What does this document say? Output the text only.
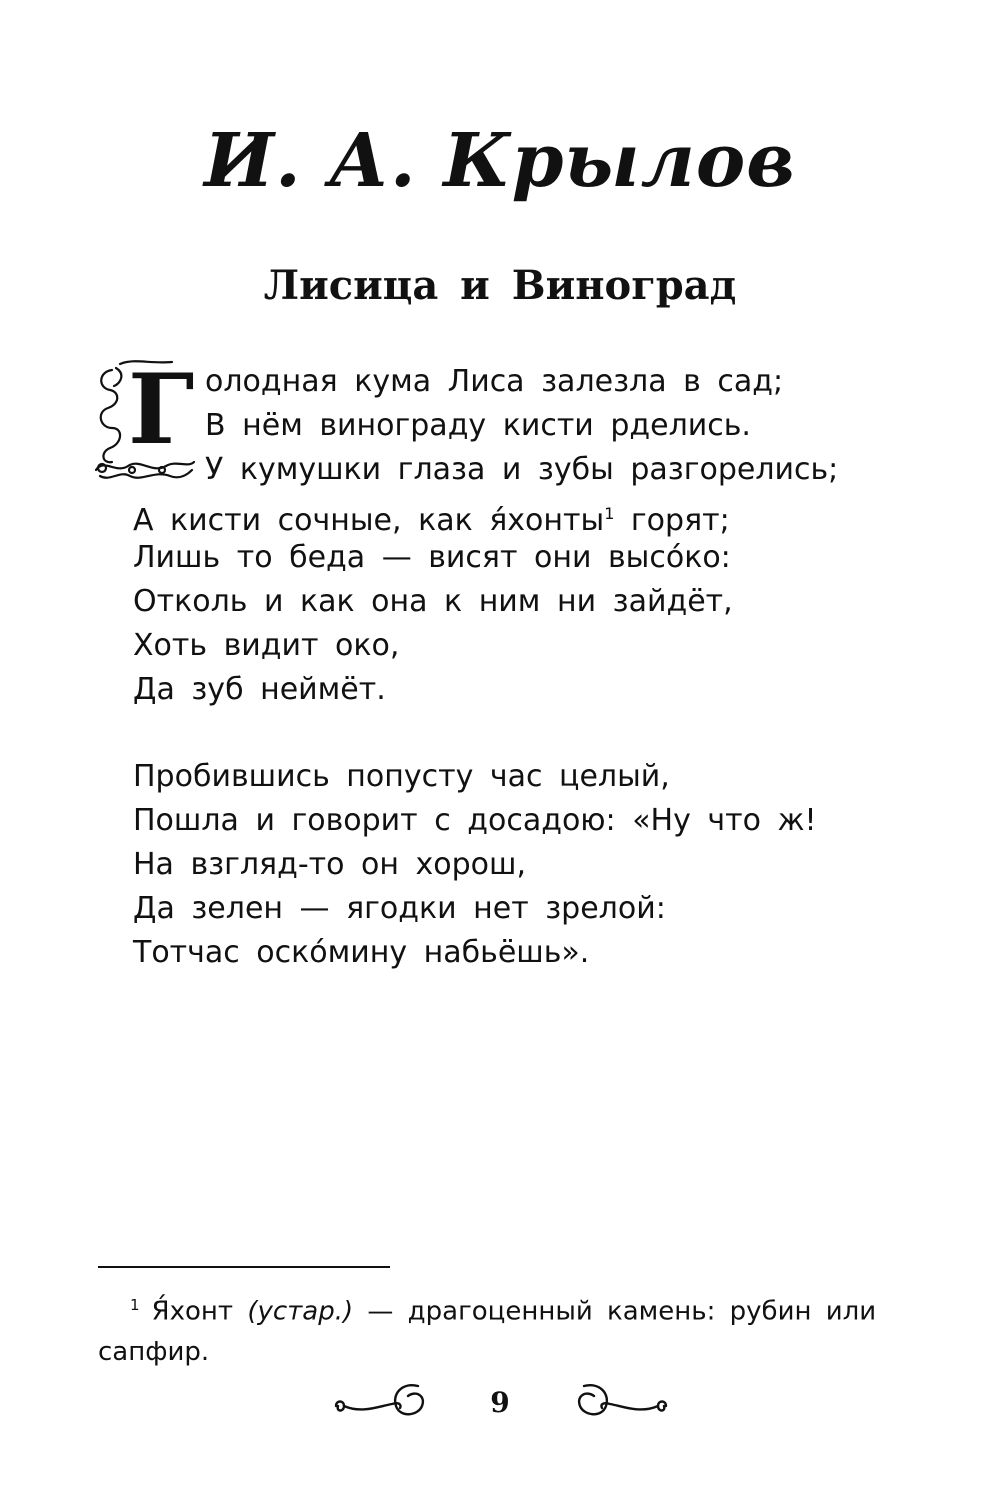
И. А. Крылов
Лисица и Виноград
Г олодная кума Лиса залезла в сад;
В нём винограду кисти рделись.
У кумушки глаза и зубы разгорелись;
А кисти сочные, как я́хонты$^1$ горят;
Лишь то беда — висят они высо́ко:
Отколь и как она к ним ни зайдёт,
Хоть видит око,
Да зуб неймёт.
Пробившись попусту час целый,
Пошла и говорит с досадою: «Ну что ж!
На взгляд-то он хорош,
Да зелен — ягодки нет зрелой:
Тотчас оско́мину набьёшь».
$^1$ Я́хонт (устар.) — драгоценный камень: рубин или сапфир.
9
